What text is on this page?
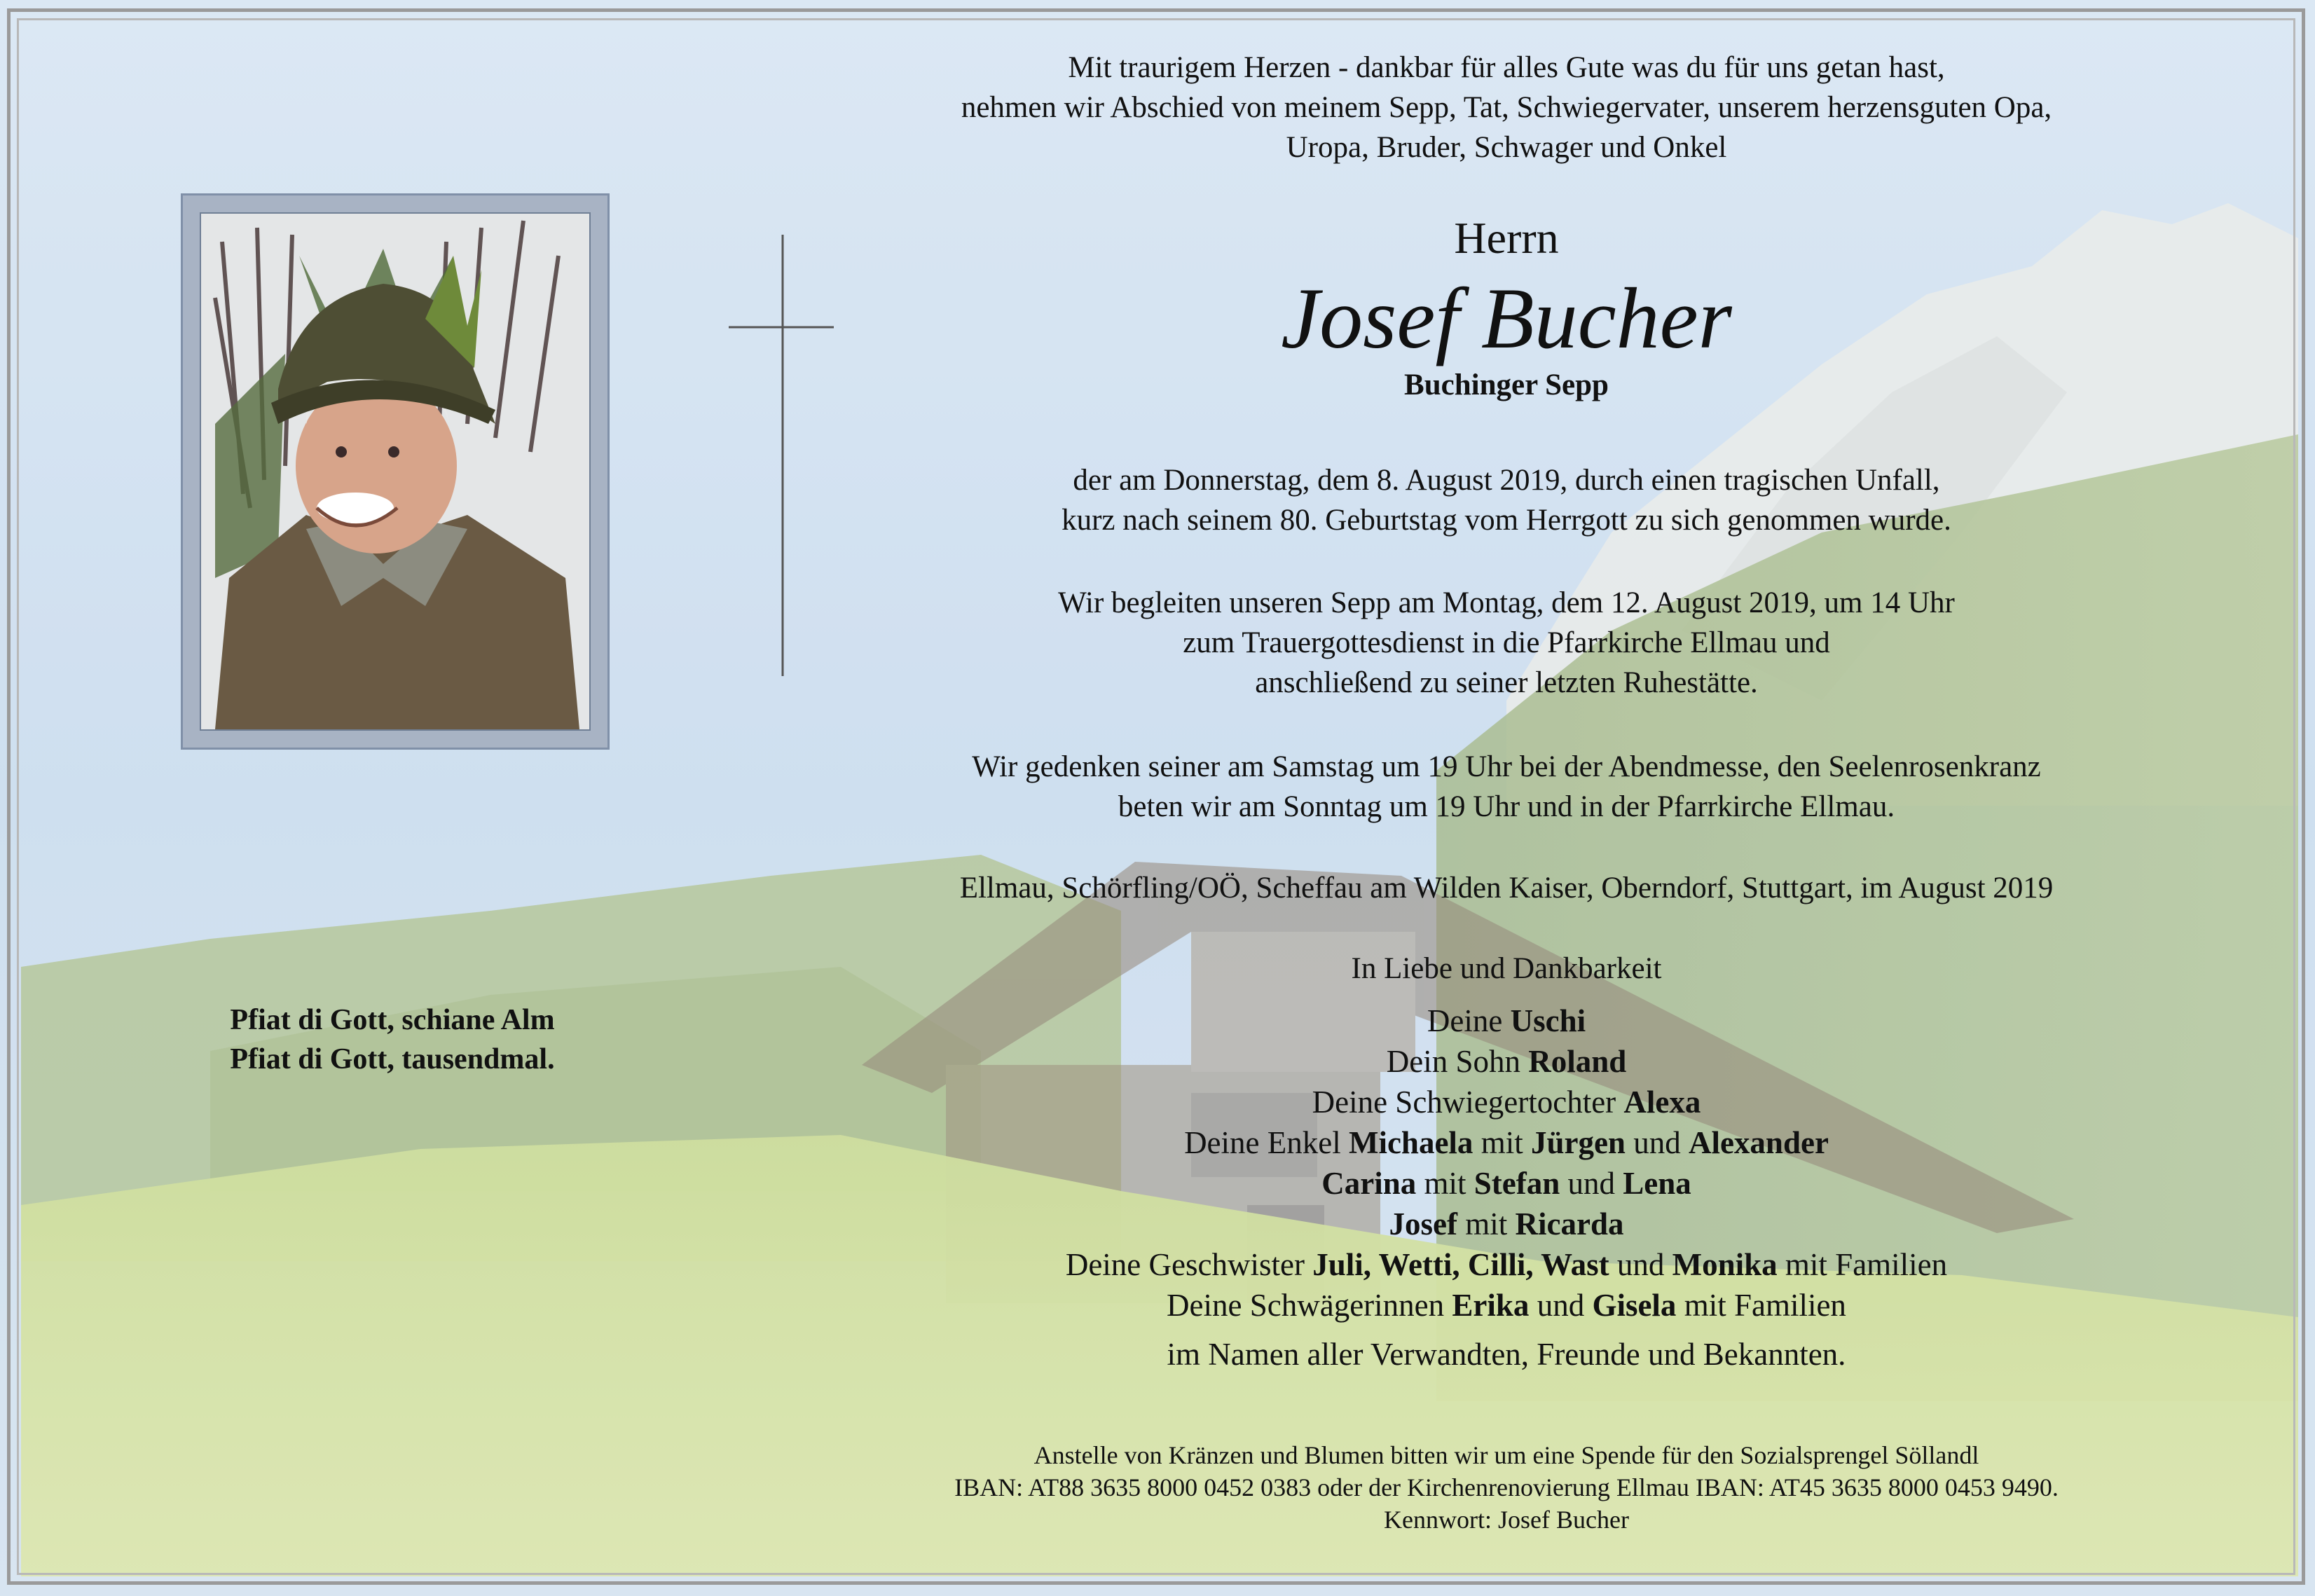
Mit traurigem Herzen - dankbar für alles Gute was du für uns getan hast,
nehmen wir Abschied von meinem Sepp, Tat, Schwiegervater, unserem herzensguten Opa,
Uropa, Bruder, Schwager und Onkel
Herrn
Josef Bucher
Buchinger Sepp
der am Donnerstag, dem 8. August 2019, durch einen tragischen Unfall,
kurz nach seinem 80. Geburtstag vom Herrgott zu sich genommen wurde.
Wir begleiten unseren Sepp am Montag, dem 12. August 2019, um 14 Uhr
zum Trauergottesdienst in die Pfarrkirche Ellmau und
anschließend zu seiner letzten Ruhestätte.
Wir gedenken seiner am Samstag um 19 Uhr bei der Abendmesse, den Seelenrosenkranz
beten wir am Sonntag um 19 Uhr und in der Pfarrkirche Ellmau.
Ellmau, Schörfling/OÖ, Scheffau am Wilden Kaiser, Oberndorf, Stuttgart, im August 2019
In Liebe und Dankbarkeit
Pfiat di Gott, schiane Alm
Pfiat di Gott, tausendmal.
Deine Uschi
Dein Sohn Roland
Deine Schwiegertochter Alexa
Deine Enkel Michaela mit Jürgen und Alexander
Carina mit Stefan und Lena
Josef mit Ricarda
Deine Geschwister Juli, Wetti, Cilli, Wast und Monika mit Familien
Deine Schwägerinnen Erika und Gisela mit Familien
im Namen aller Verwandten, Freunde und Bekannten.
Anstelle von Kränzen und Blumen bitten wir um eine Spende für den Sozialsprengel Söllandl
IBAN: AT88 3635 8000 0452 0383 oder der Kirchenrenovierung Ellmau IBAN: AT45 3635 8000 0453 9490.
Kennwort: Josef Bucher
